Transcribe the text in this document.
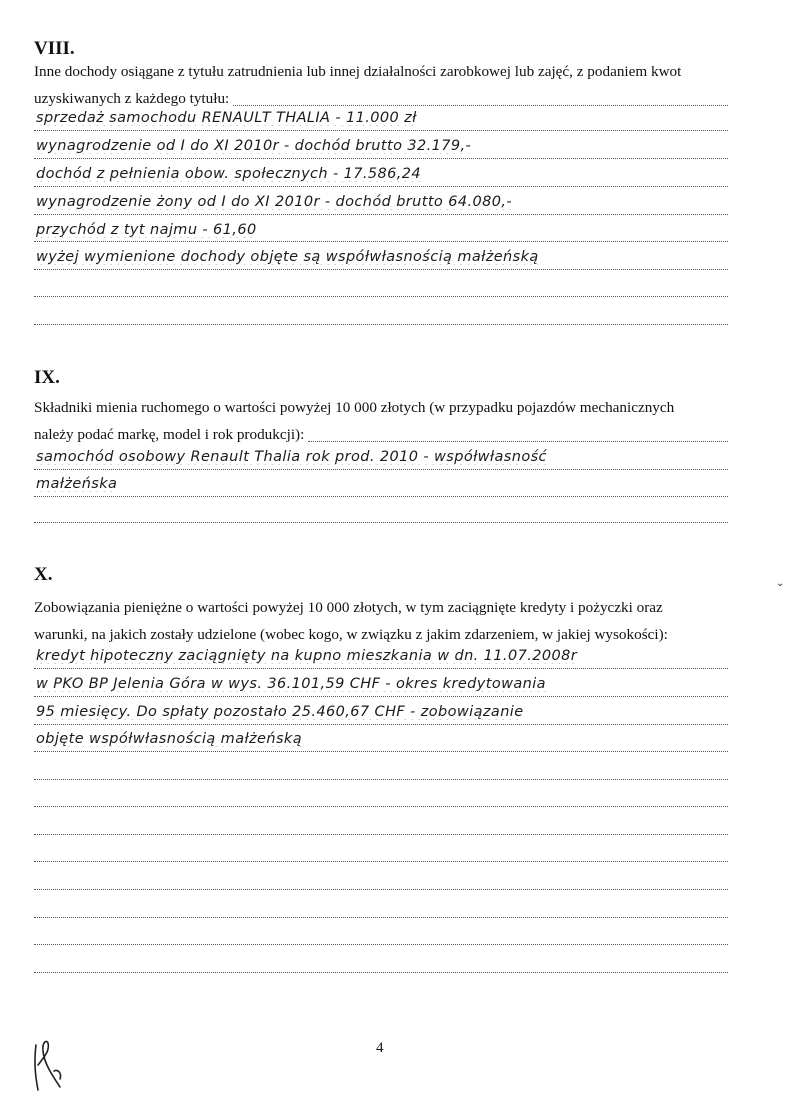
VIII.
Inne dochody osiągane z tytułu zatrudnienia lub innej działalności zarobkowej lub zajęć, z podaniem kwot
uzyskiwanych z każdego tytułu:
sprzedaż samochodu RENAULT THALIA - 11.000 zł
wynagrodzenie od I do XI 2010r - dochód brutto 32.179,-
dochód z pełnienia obow. społecznych - 17.586,24
wynagrodzenie żony od I do XI 2010r - dochód brutto 64.080,-
przychód z tyt najmu - 61,60
wyżej wymienione dochody objęte są współwłasnością małżeńską
IX.
Składniki mienia ruchomego o wartości powyżej 10 000 złotych (w przypadku pojazdów mechanicznych
należy podać markę, model i rok produkcji):
samochód osobowy Renault Thalia rok prod. 2010 - współwłasność
małżeńska
X.
Zobowiązania pieniężne o wartości powyżej 10 000 złotych, w tym zaciągnięte kredyty i pożyczki oraz
warunki, na jakich zostały udzielone (wobec kogo, w związku z jakim zdarzeniem, w jakiej wysokości):
kredyt hipoteczny zaciągnięty na kupno mieszkania w dn. 11.07.2008r
w PKO BP Jelenia Góra w wys. 36.101,59 CHF - okres kredytowania
95 miesięcy. Do spłaty pozostało 25.460,67 CHF - zobowiązanie
objęte współwłasnością małżeńską
⌄
4
